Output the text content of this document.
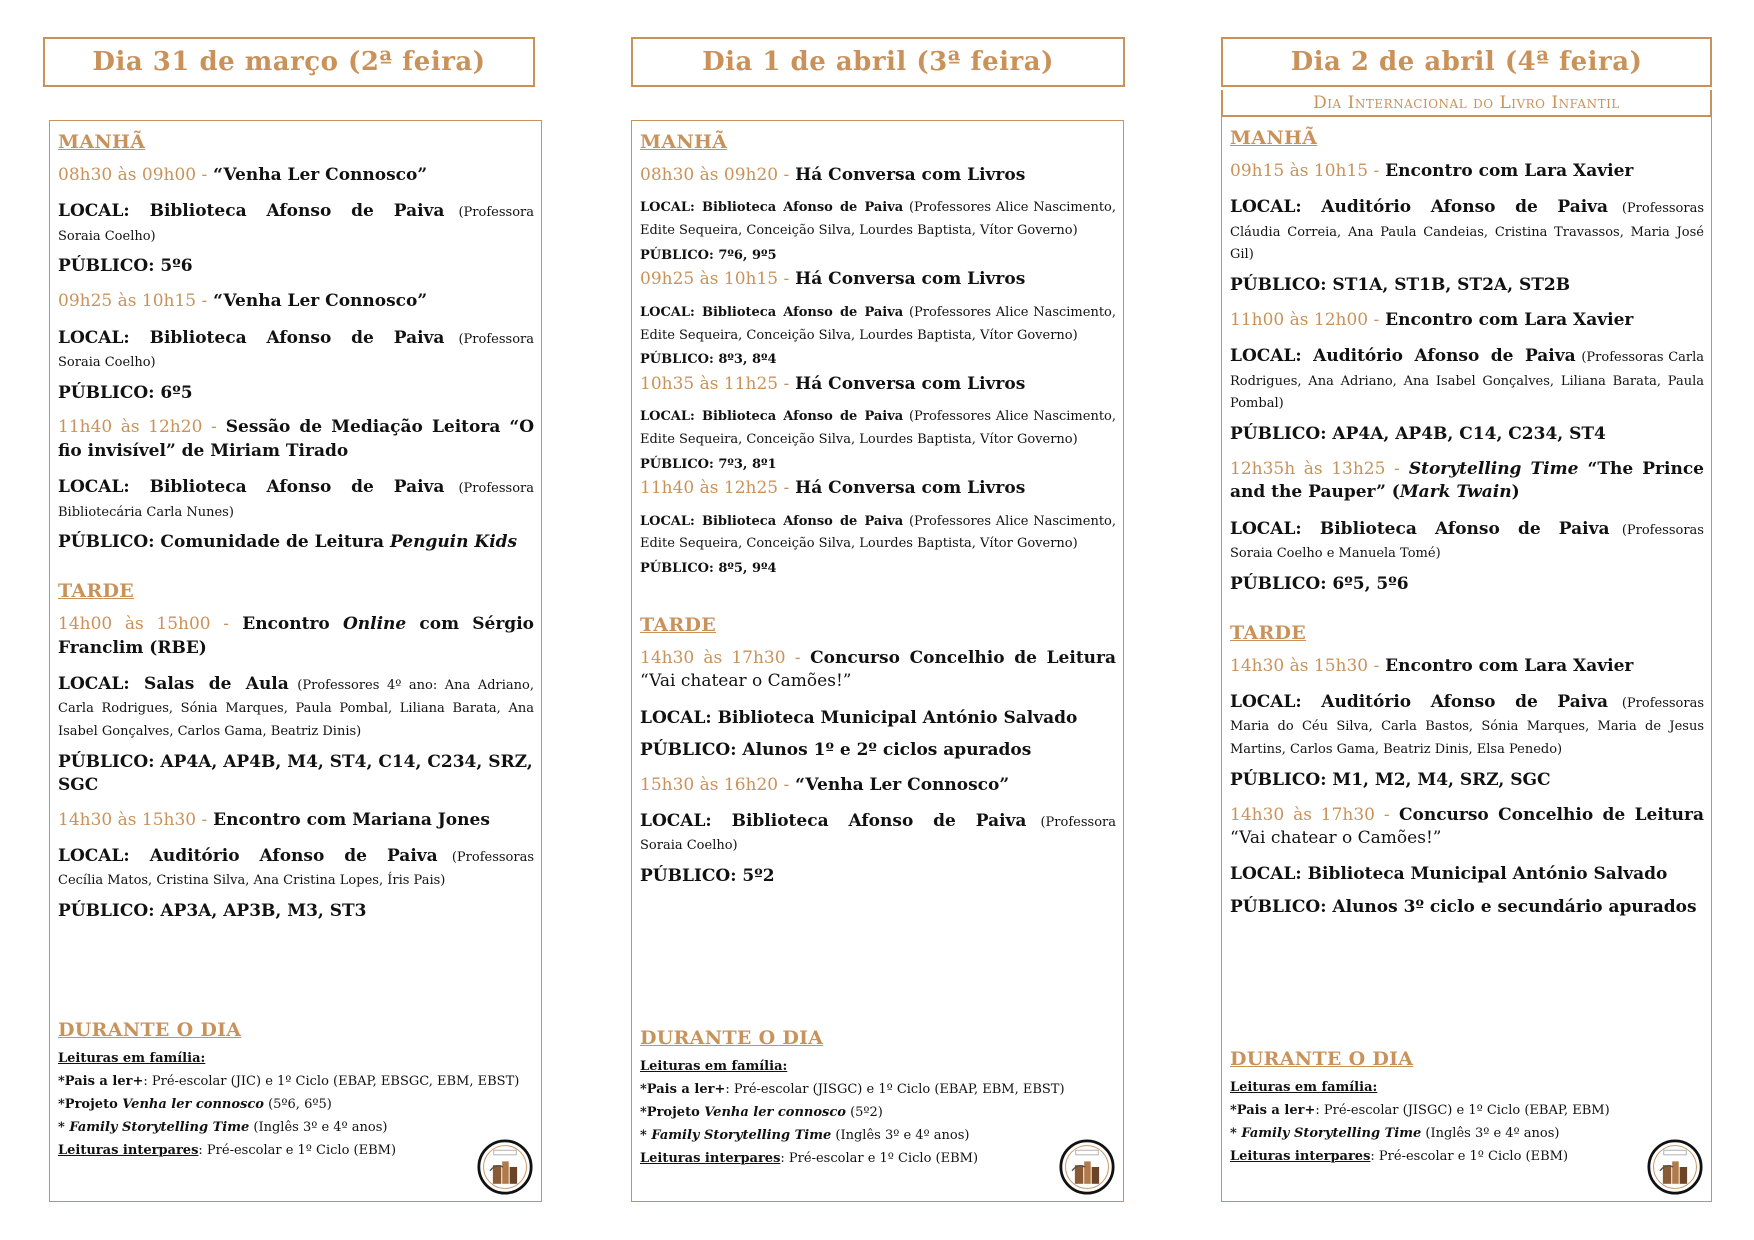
Dia 31 de março (2ª feira)
MANHÃ
08h30 às 09h00 - “Venha Ler Connosco”
LOCAL: Biblioteca Afonso de Paiva (Professora Soraia Coelho)
PÚBLICO: 5º6
09h25 às 10h15 - “Venha Ler Connosco”
LOCAL: Biblioteca Afonso de Paiva (Professora Soraia Coelho)
PÚBLICO: 6º5
11h40 às 12h20 - Sessão de Mediação Leitora “O fio invisível” de Miriam Tirado
LOCAL: Biblioteca Afonso de Paiva (Professora Bibliotecária Carla Nunes)
PÚBLICO: Comunidade de Leitura Penguin Kids
TARDE
14h00 às 15h00 - Encontro Online com Sérgio Franclim (RBE)
LOCAL: Salas de Aula (Professores 4º ano: Ana Adriano, Carla Rodrigues, Sónia Marques, Paula Pombal, Liliana Barata, Ana Isabel Gonçalves, Carlos Gama, Beatriz Dinis)
PÚBLICO: AP4A, AP4B, M4, ST4, C14, C234, SRZ, SGC
14h30 às 15h30 - Encontro com Mariana Jones
LOCAL: Auditório Afonso de Paiva (Professoras Cecília Matos, Cristina Silva, Ana Cristina Lopes, Íris Pais)
PÚBLICO: AP3A, AP3B, M3, ST3
DURANTE O DIA
Leituras em família:
*Pais a ler+: Pré-escolar (JIC) e 1º Ciclo (EBAP, EBSGC, EBM, EBST)
*Projeto Venha ler connosco (5º6, 6º5)
* Family Storytelling Time (Inglês 3º e 4º anos)
Leituras interpares: Pré-escolar e 1º Ciclo (EBM)
Dia 1 de abril (3ª feira)
MANHÃ
08h30 às 09h20 - Há Conversa com Livros
LOCAL: Biblioteca Afonso de Paiva (Professores Alice Nascimento, Edite Sequeira, Conceição Silva, Lourdes Baptista, Vítor Governo)
PÚBLICO: 7º6, 9º5
09h25 às 10h15 - Há Conversa com Livros
LOCAL: Biblioteca Afonso de Paiva (Professores Alice Nascimento, Edite Sequeira, Conceição Silva, Lourdes Baptista, Vítor Governo)
PÚBLICO: 8º3, 8º4
10h35 às 11h25 - Há Conversa com Livros
LOCAL: Biblioteca Afonso de Paiva (Professores Alice Nascimento, Edite Sequeira, Conceição Silva, Lourdes Baptista, Vítor Governo)
PÚBLICO: 7º3, 8º1
11h40 às 12h25 - Há Conversa com Livros
LOCAL: Biblioteca Afonso de Paiva (Professores Alice Nascimento, Edite Sequeira, Conceição Silva, Lourdes Baptista, Vítor Governo)
PÚBLICO: 8º5, 9º4
TARDE
14h30 às 17h30 - Concurso Concelhio de Leitura “Vai chatear o Camões!”
LOCAL: Biblioteca Municipal António Salvado
PÚBLICO: Alunos 1º e 2º ciclos apurados
15h30 às 16h20 - “Venha Ler Connosco”
LOCAL: Biblioteca Afonso de Paiva (Professora Soraia Coelho)
PÚBLICO: 5º2
DURANTE O DIA
Leituras em família:
*Pais a ler+: Pré-escolar (JISGC) e 1º Ciclo (EBAP, EBM, EBST)
*Projeto Venha ler connosco (5º2)
* Family Storytelling Time (Inglês 3º e 4º anos)
Leituras interpares: Pré-escolar e 1º Ciclo (EBM)
Dia 2 de abril (4ª feira)
Dia Internacional do Livro Infantil
MANHÃ
09h15 às 10h15 - Encontro com Lara Xavier
LOCAL: Auditório Afonso de Paiva (Professoras Cláudia Correia, Ana Paula Candeias, Cristina Travassos, Maria José Gil)
PÚBLICO: ST1A, ST1B, ST2A, ST2B
11h00 às 12h00 - Encontro com Lara Xavier
LOCAL: Auditório Afonso de Paiva (Professoras Carla Rodrigues, Ana Adriano, Ana Isabel Gonçalves, Liliana Barata, Paula Pombal)
PÚBLICO: AP4A, AP4B, C14, C234, ST4
12h35h às 13h25 - Storytelling Time “The Prince and the Pauper” (Mark Twain)
LOCAL: Biblioteca Afonso de Paiva (Professoras Soraia Coelho e Manuela Tomé)
PÚBLICO: 6º5, 5º6
TARDE
14h30 às 15h30 - Encontro com Lara Xavier
LOCAL: Auditório Afonso de Paiva (Professoras Maria do Céu Silva, Carla Bastos, Sónia Marques, Maria de Jesus Martins, Carlos Gama, Beatriz Dinis, Elsa Penedo)
PÚBLICO: M1, M2, M4, SRZ, SGC
14h30 às 17h30 - Concurso Concelhio de Leitura “Vai chatear o Camões!”
LOCAL: Biblioteca Municipal António Salvado
PÚBLICO: Alunos 3º ciclo e secundário apurados
DURANTE O DIA
Leituras em família:
*Pais a ler+: Pré-escolar (JISGC) e 1º Ciclo (EBAP, EBM)
* Family Storytelling Time (Inglês 3º e 4º anos)
Leituras interpares: Pré-escolar e 1º Ciclo (EBM)
